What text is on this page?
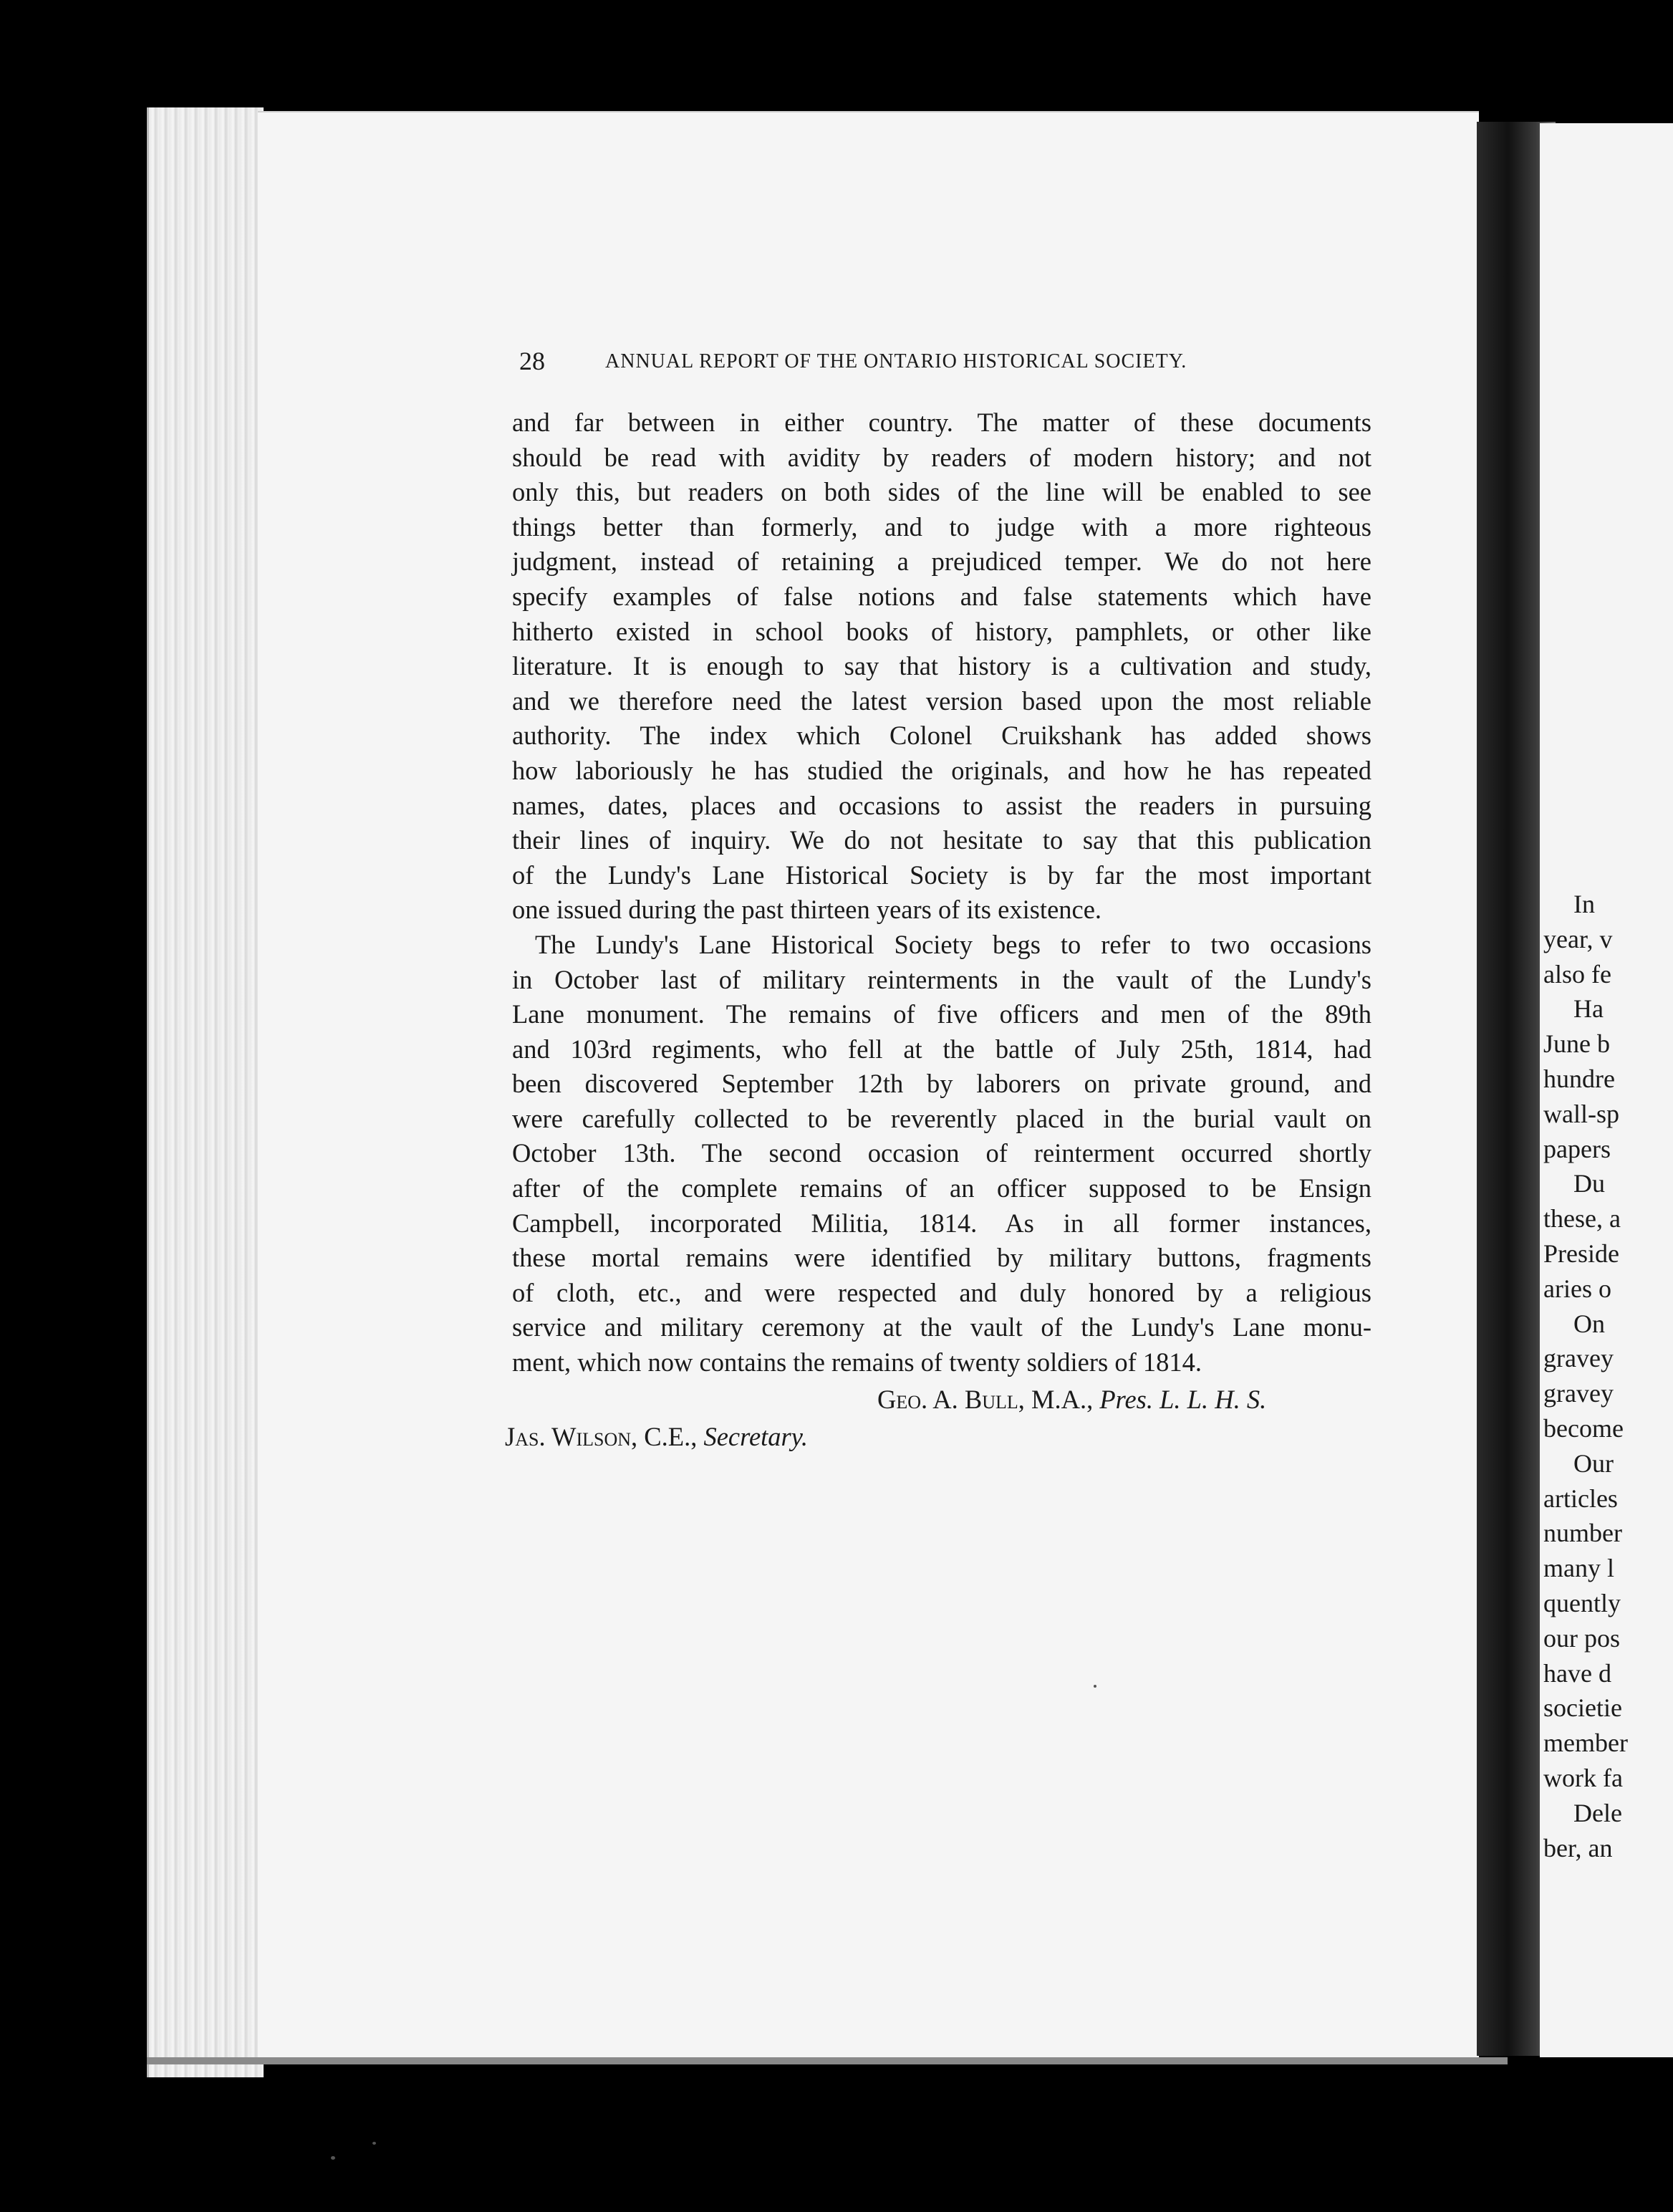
28	ANNUAL REPORT OF THE ONTARIO HISTORICAL SOCIETY.
and far between in either country. The matter of these documents
should be read with avidity by readers of modern history; and not
only this, but readers on both sides of the line will be enabled to see
things better than formerly, and to judge with a more righteous
judgment, instead of retaining a prejudiced temper. We do not here
specify examples of false notions and false statements which have
hitherto existed in school books of history, pamphlets, or other like
literature. It is enough to say that history is a cultivation and study,
and we therefore need the latest version based upon the most reliable
authority. The index which Colonel Cruikshank has added shows
how laboriously he has studied the originals, and how he has repeated
names, dates, places and occasions to assist the readers in pursuing
their lines of inquiry. We do not hesitate to say that this publication
of the Lundy's Lane Historical Society is by far the most important
one issued during the past thirteen years of its existence.
The Lundy's Lane Historical Society begs to refer to two occasions
in October last of military reinterments in the vault of the Lundy's
Lane monument. The remains of five officers and men of the 89th
and 103rd regiments, who fell at the battle of July 25th, 1814, had
been discovered September 12th by laborers on private ground, and
were carefully collected to be reverently placed in the burial vault on
October 13th. The second occasion of reinterment occurred shortly
after of the complete remains of an officer supposed to be Ensign
Campbell, incorporated Militia, 1814. As in all former instances,
these mortal remains were identified by military buttons, fragments
of cloth, etc., and were respected and duly honored by a religious
service and military ceremony at the vault of the Lundy's Lane monu-
ment, which now contains the remains of twenty soldiers of 1814.
Geo. A. Bull, M.A., Pres. L. L. H. S.
Jas. Wilson, C.E., Secretary.
In
year, v
also fe
Ha
June b
hundre
wall-sp
papers
Du
these, a
Preside
aries o
On
gravey
gravey
become
Our
articles
number
many l
quently
our pos
have d
societie
member
work fa
Dele
ber, an
